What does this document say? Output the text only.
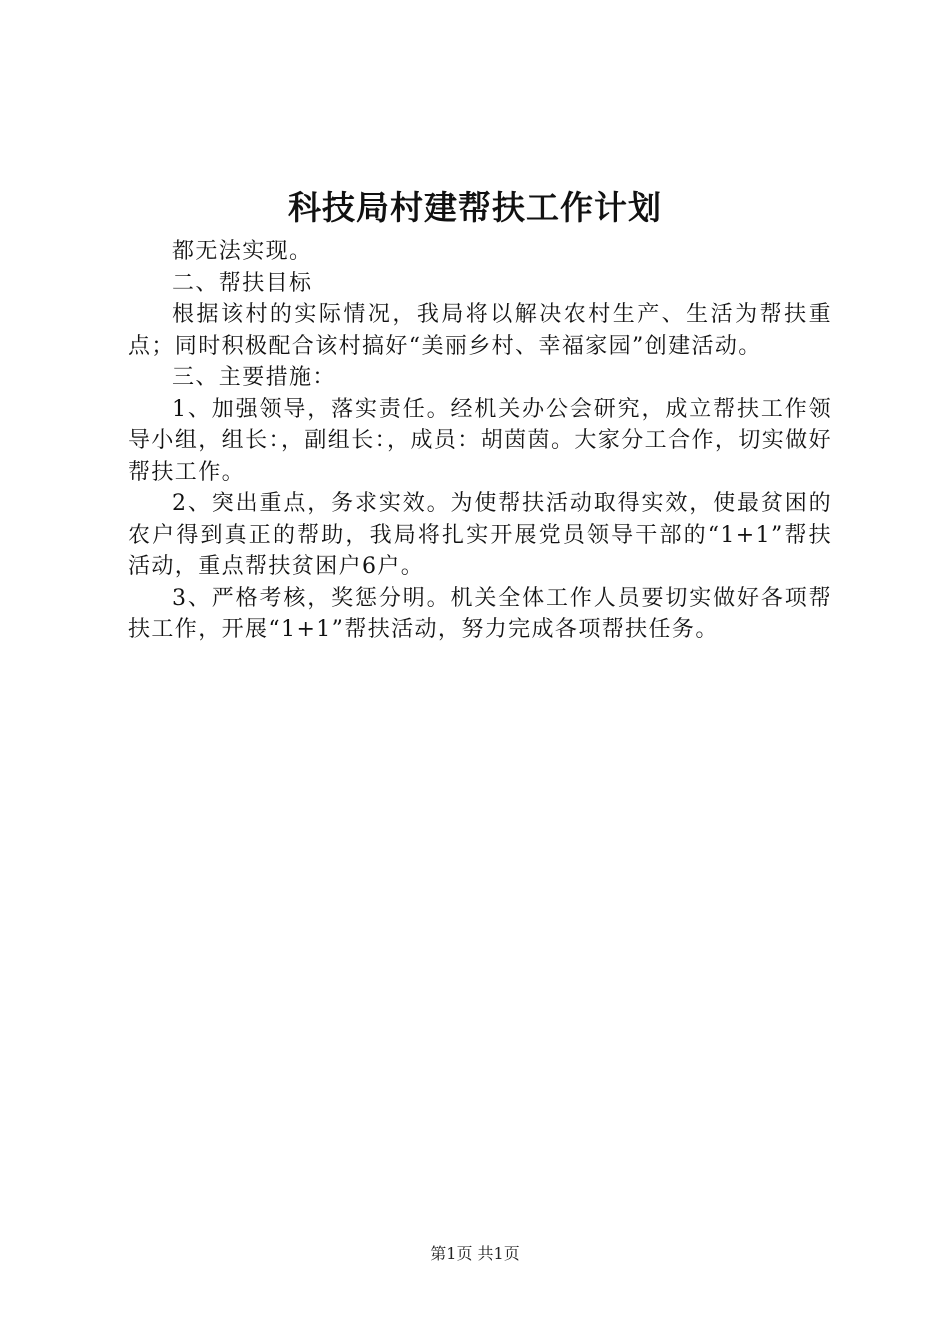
科技局村建帮扶工作计划

都无法实现。

二、帮扶目标

根据该村的实际情况，我局将以解决农村生产、生活为帮扶重点；同时积极配合该村搞好“美丽乡村、幸福家园”创建活动。

三、主要措施：

1、加强领导，落实责任。经机关办公会研究，成立帮扶工作领导小组，组长：，副组长：，成员：胡茵茵。大家分工合作，切实做好帮扶工作。

2、突出重点，务求实效。为使帮扶活动取得实效，使最贫困的农户得到真正的帮助，我局将扎实开展党员领导干部的“1+1”帮扶活动，重点帮扶贫困户6户。

3、严格考核，奖惩分明。机关全体工作人员要切实做好各项帮扶工作，开展“1+1”帮扶活动，努力完成各项帮扶任务。

第1页 共1页
